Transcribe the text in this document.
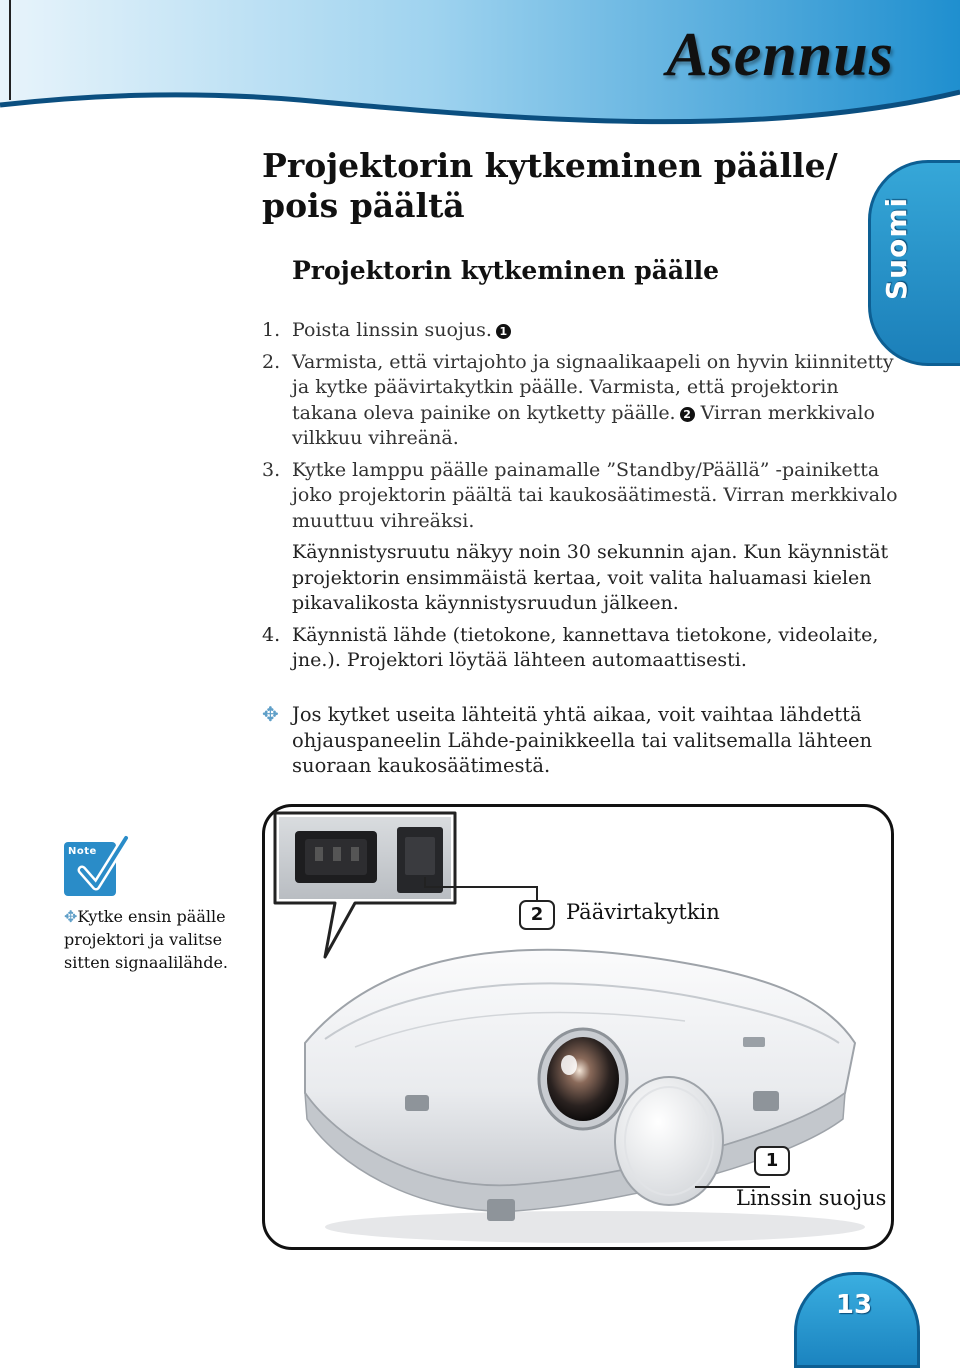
Asennus
Suomi
Projektorin kytkeminen päälle/ pois päältä
Projektorin kytkeminen päälle
1. Poista linssin suojus. 1
2. Varmista, että virtajohto ja signaalikaapeli on hyvin kiinnitetty ja kytke päävirtakytkin päälle. Varmista, että projektorin takana oleva painike on kytketty päälle. 2 Virran merkkivalo vilkkuu vihreänä.
3. Kytke lamppu päälle painamalle ”Standby/Päällä” -painiketta joko projektorin päältä tai kaukosäätimestä. Virran merkkivalo muuttuu vihreäksi.
Käynnistysruutu näkyy noin 30 sekunnin ajan. Kun käynnistät projektorin ensimmäistä kertaa, voit valita haluamasi kielen pikavalikosta käynnistysruudun jälkeen.
4. Käynnistä lähde (tietokone, kannettava tietokone, videolaite, jne.). Projektori löytää lähteen automaattisesti.
✥ Jos kytket useita lähteitä yhtä aikaa, voit vaihtaa lähdettä ohjauspaneelin Lähde-painikkeella tai valitsemalla lähteen suoraan kaukosäätimestä.
Note
✥Kytke ensin päälle projektori ja valitse sitten signaalilähde.
2	Päävirtakytkin
1
Linssin suojus
13
